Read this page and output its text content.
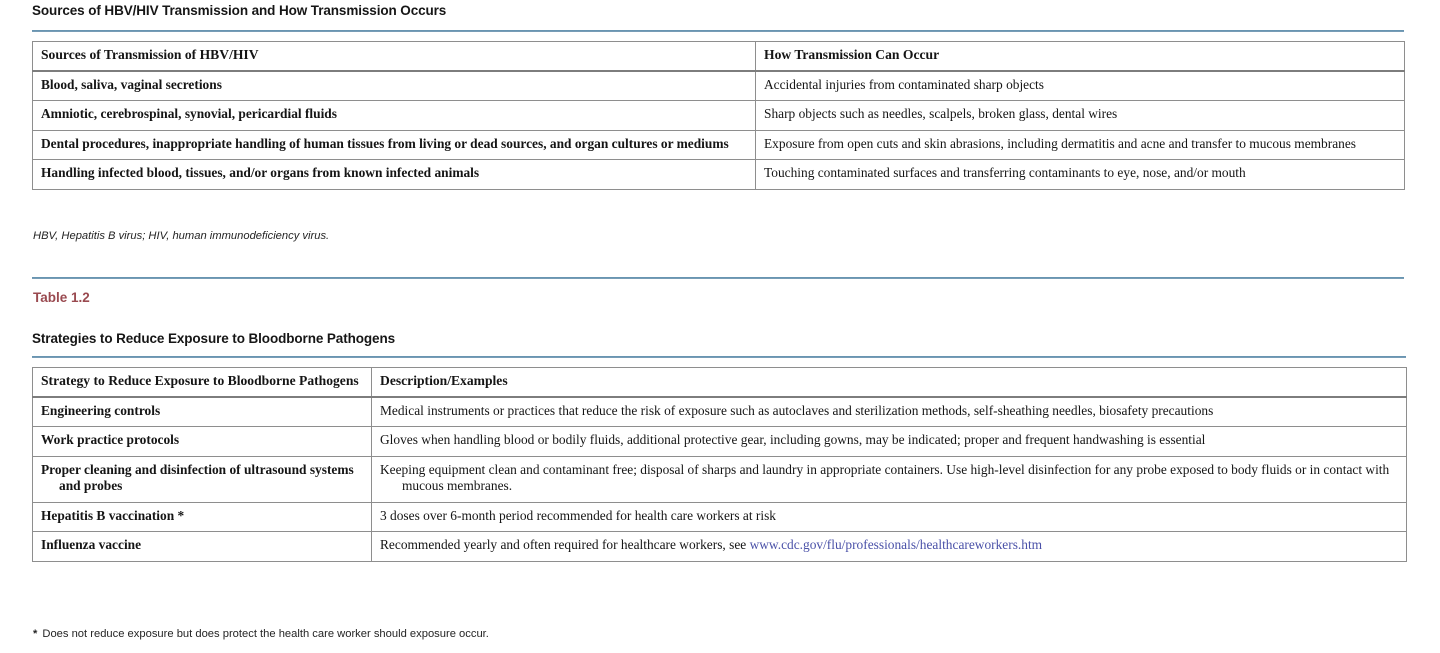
Sources of HBV/HIV Transmission and How Transmission Occurs
Sources of Transmission of HBV/HIV	How Transmission Can Occur

Blood, saliva, vaginal secretions	Accidental injuries from contaminated sharp objects

Amniotic, cerebrospinal, synovial, pericardial fluids	Sharp objects such as needles, scalpels, broken glass, dental wires

Dental procedures, inappropriate handling of human tissues from living or dead sources, and organ cultures or mediums	Exposure from open cuts and skin abrasions, including dermatitis and acne and transfer to mucous membranes

Handling infected blood, tissues, and/or organs from known infected animals	Touching contaminated surfaces and transferring contaminants to eye, nose, and/or mouth
HBV, Hepatitis B virus; HIV, human immunodeficiency virus.
Table 1.2
Strategies to Reduce Exposure to Bloodborne Pathogens
Strategy to Reduce Exposure to Bloodborne Pathogens	Description/Examples

Engineering controls	Medical instruments or practices that reduce the risk of exposure such as autoclaves and sterilization methods, self-sheathing needles, biosafety precautions

Work practice protocols	Gloves when handling blood or bodily fluids, additional protective gear, including gowns, may be indicated; proper and frequent handwashing is essential

Proper cleaning and disinfection of ultrasound systems and probes	Keeping equipment clean and contaminant free; disposal of sharps and laundry in appropriate containers. Use high-level disinfection for any probe exposed to body fluids or in contact with mucous membranes.

Hepatitis B vaccination *	3 doses over 6-month period recommended for health care workers at risk

Influenza vaccine	Recommended yearly and often required for healthcare workers, see www.cdc.gov/flu/professionals/healthcareworkers.htm
* Does not reduce exposure but does protect the health care worker should exposure occur.
